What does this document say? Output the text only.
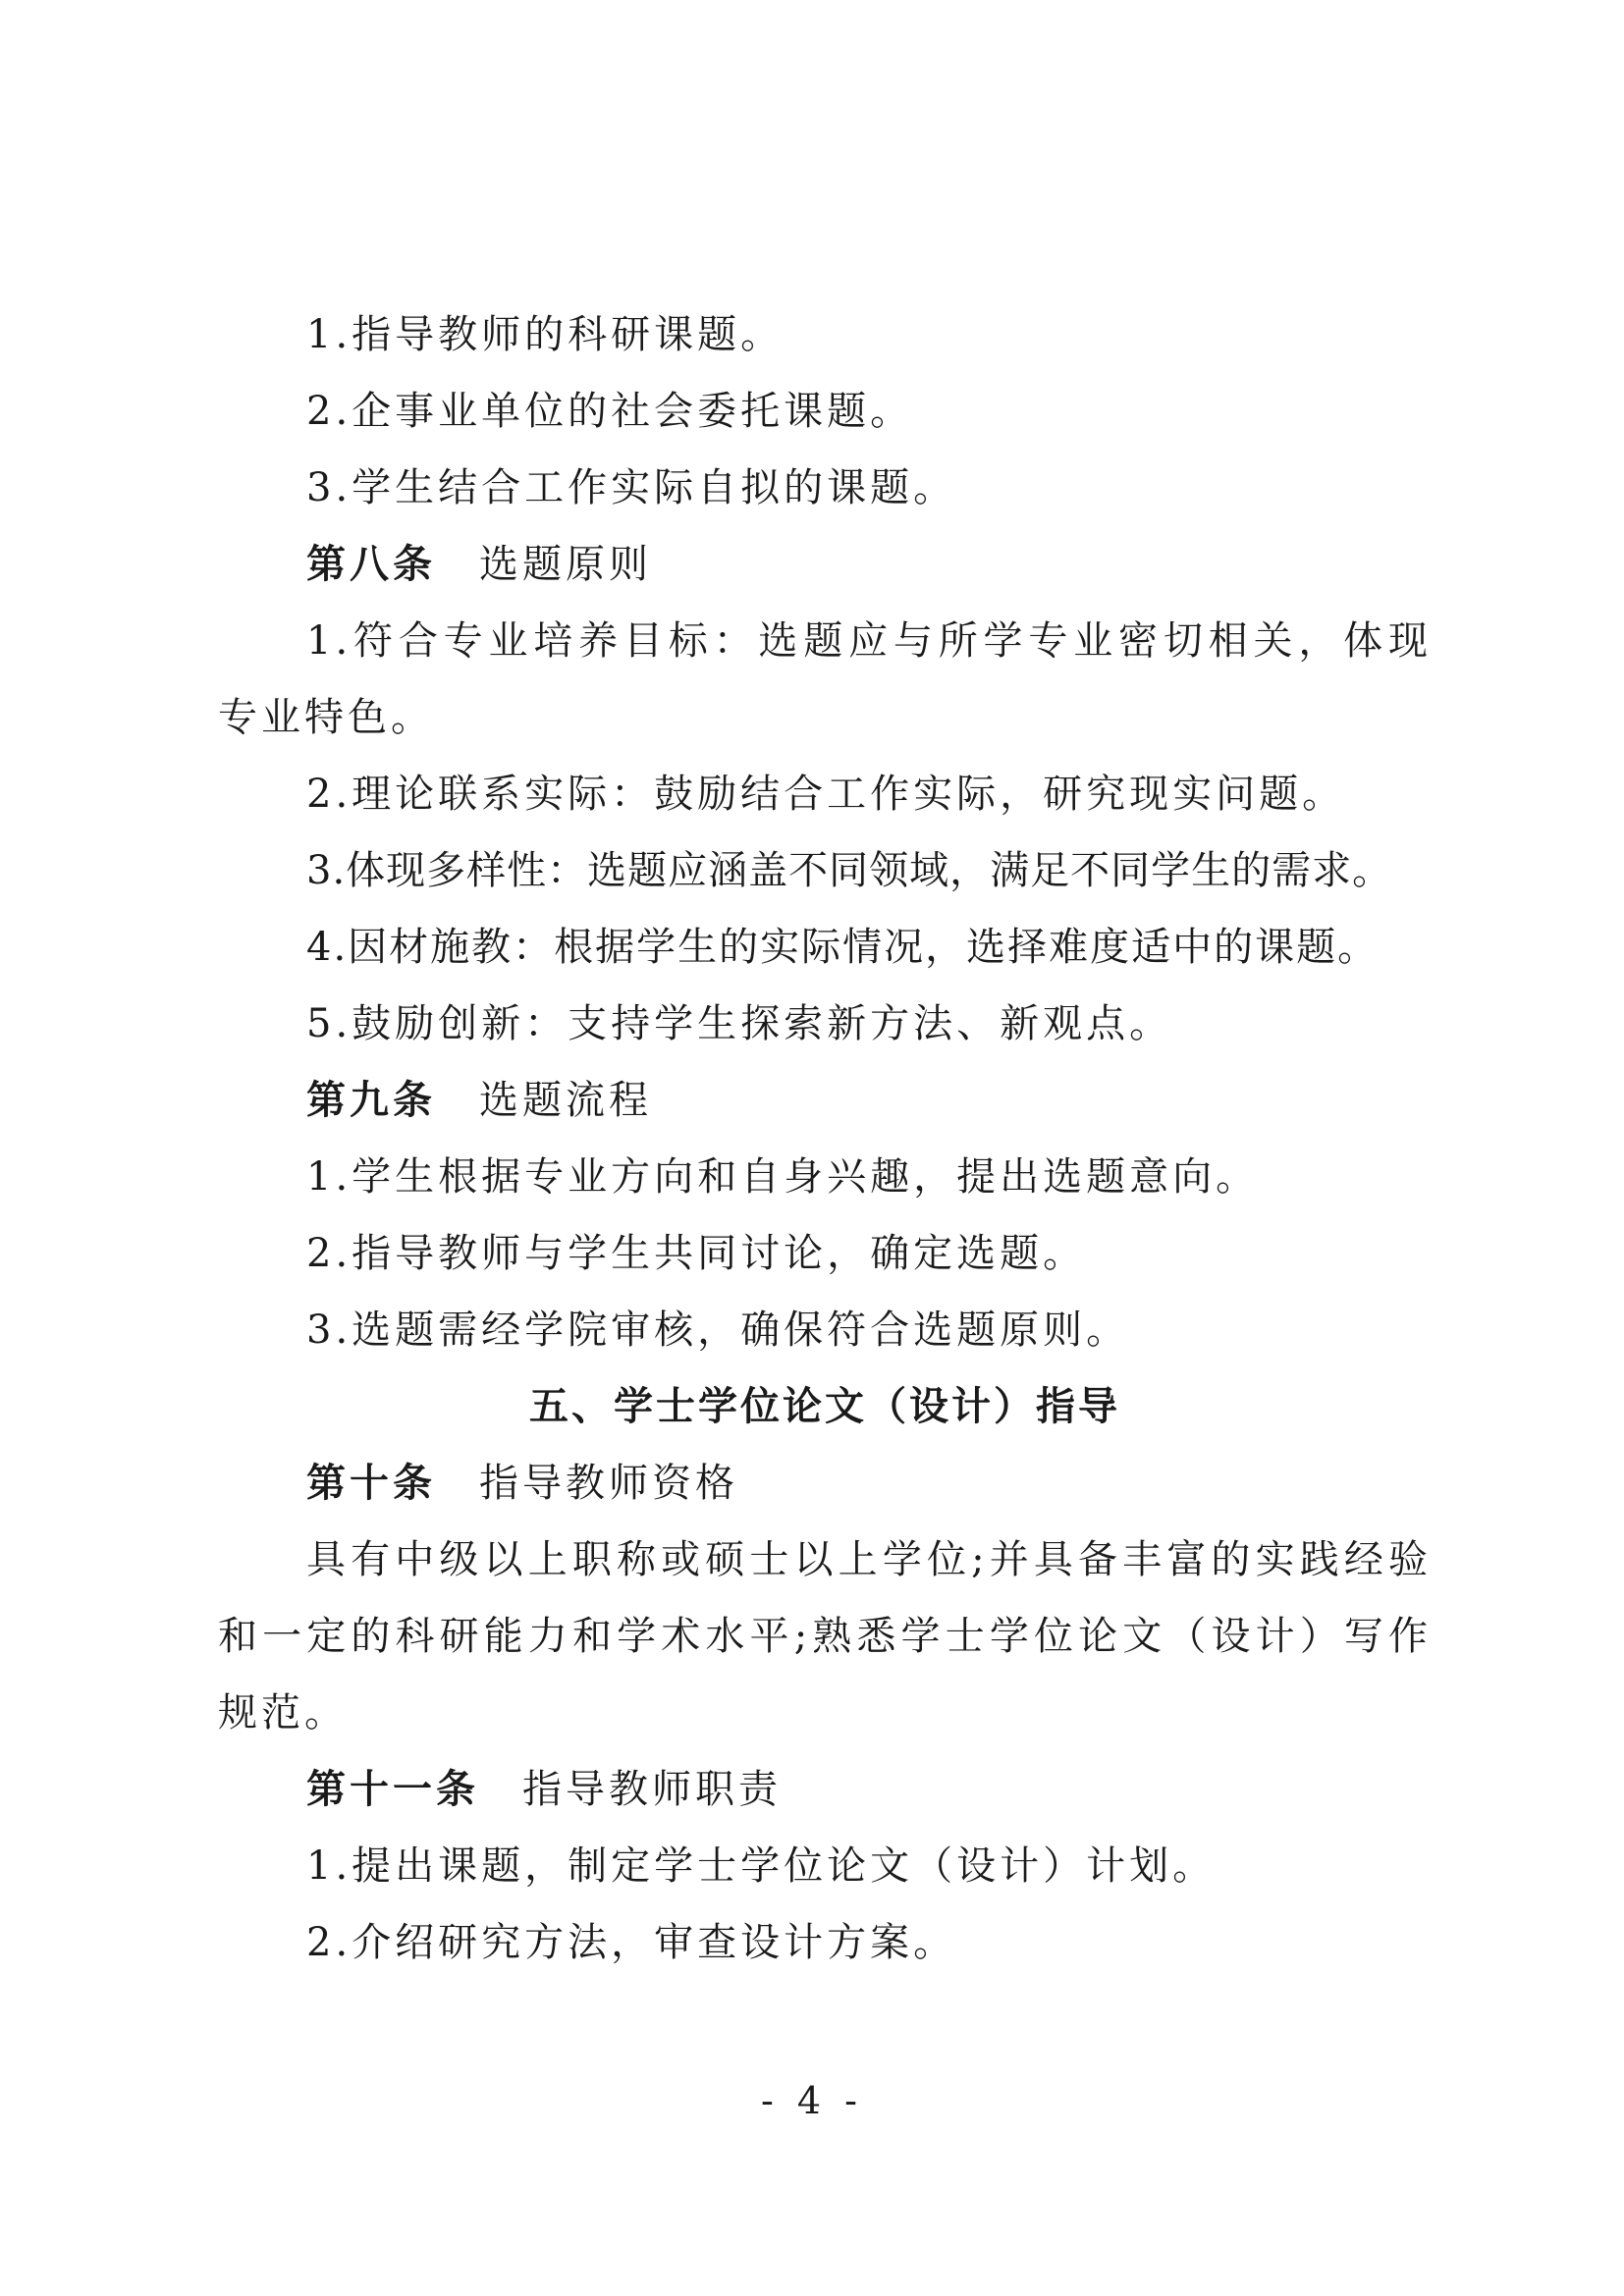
1.指导教师的科研课题。

2.企事业单位的社会委托课题。

3.学生结合工作实际自拟的课题。

第八条 选题原则

1.符合专业培养目标：选题应与所学专业密切相关，体现专业特色。

2.理论联系实际：鼓励结合工作实际，研究现实问题。

3.体现多样性：选题应涵盖不同领域，满足不同学生的需求。

4.因材施教：根据学生的实际情况，选择难度适中的课题。

5.鼓励创新：支持学生探索新方法、新观点。

第九条 选题流程

1.学生根据专业方向和自身兴趣，提出选题意向。

2.指导教师与学生共同讨论，确定选题。

3.选题需经学院审核，确保符合选题原则。

五、学士学位论文（设计）指导

第十条 指导教师资格

具有中级以上职称或硕士以上学位;并具备丰富的实践经验和一定的科研能力和学术水平;熟悉学士学位论文（设计）写作规范。

第十一条 指导教师职责

1.提出课题，制定学士学位论文（设计）计划。

2.介绍研究方法，审查设计方案。

- 4 -
